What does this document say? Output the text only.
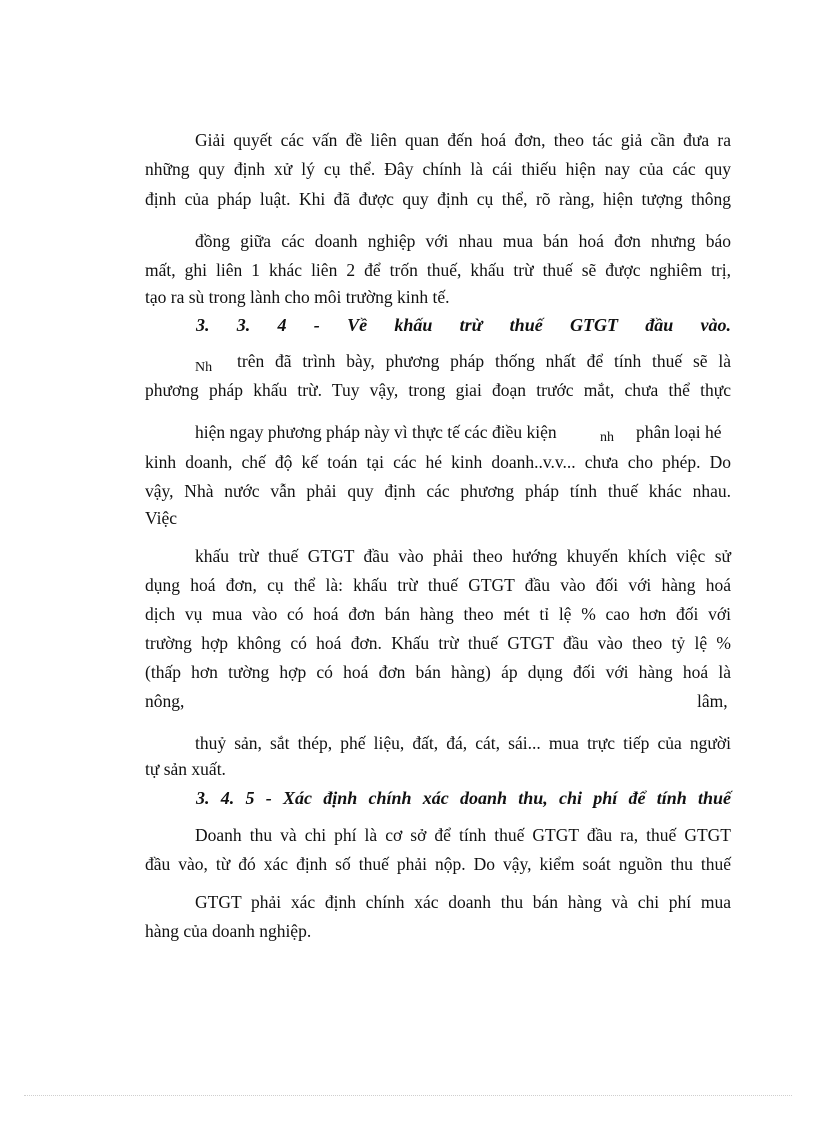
Giải quyết các vấn đề liên quan đến hoá đơn, theo tác giả cần đưa ra

những quy định xử lý cụ thể. Đây chính là cái thiếu hiện nay của các quy

định của pháp luật. Khi đã được quy định cụ thể, rõ ràng, hiện tượng thông

đồng giữa các doanh nghiệp với nhau mua bán hoá đơn nhưng báo

mất, ghi liên 1 khác liên 2 để trốn thuế, khấu trừ thuế sẽ được nghiêm trị,

tạo ra sù trong lành cho môi trường kinh tế.

3. 3. 4 - Về khấu trừ thuế GTGT đầu vào.

Nh trên đã trình bày, phương pháp thống nhất để tính thuế sẽ là

phương pháp khấu trừ. Tuy vậy, trong giai đoạn trước mắt, chưa thể thực

hiện ngay phương pháp này vì thực tế các điều kiện	nh phân loại hé

kinh doanh, chế độ kế toán tại các hé kinh doanh..v.v... chưa cho phép. Do

vậy, Nhà nước vẫn phải quy định các phương pháp tính thuế khác nhau.

Việc

khấu trừ thuế GTGT đầu vào phải theo hướng khuyến khích việc sử

dụng hoá đơn, cụ thể là: khấu trừ thuế GTGT đầu vào đối với hàng hoá

dịch vụ mua vào có hoá đơn bán hàng theo mét tỉ lệ % cao hơn đối với

trường hợp không có hoá đơn. Khấu trừ thuế GTGT đầu vào theo tỷ lệ %

(thấp hơn tường hợp có hoá đơn bán hàng) áp dụng đối với hàng hoá là

nông,	lâm,

thuỷ sản, sắt thép, phế liệu, đất, đá, cát, sái... mua trực tiếp của người

tự sản xuất.

3. 4. 5 - Xác định chính xác doanh thu, chi phí để tính thuế

Doanh thu và chi phí là cơ sở để tính thuế GTGT đầu ra, thuế GTGT

đầu vào, từ đó xác định số thuế phải nộp. Do vậy, kiểm soát nguồn thu thuế

GTGT phải xác định chính xác doanh thu bán hàng và chi phí mua

hàng của doanh nghiệp.
